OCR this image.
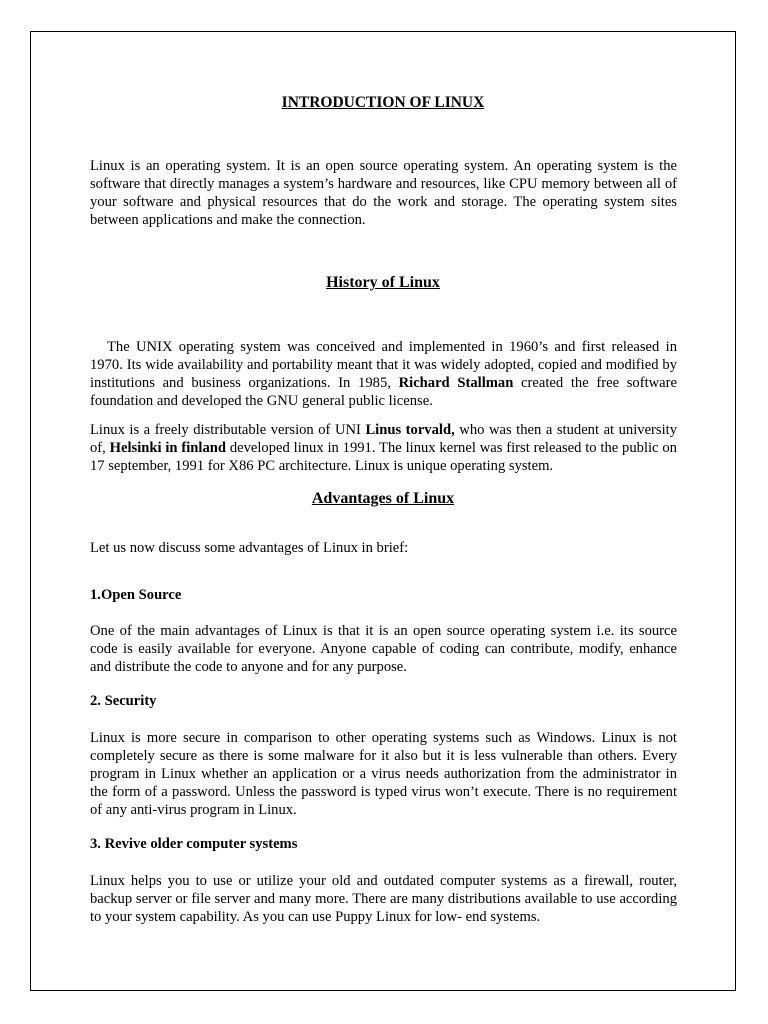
INTRODUCTION OF LINUX

Linux is an operating system. It is an open source operating system. An operating system is the software that directly manages a system’s hardware and resources, like CPU memory between all of your software and physical resources that do the work and storage. The operating system sites between applications and make the connection.

History of Linux

The UNIX operating system was conceived and implemented in 1960’s and first released in 1970. Its wide availability and portability meant that it was widely adopted, copied and modified by institutions and business organizations. In 1985, Richard Stallman created the free software foundation and developed the GNU general public license.

Linux is a freely distributable version of UNI Linus torvald, who was then a student at university of, Helsinki in finland developed linux in 1991. The linux kernel was first released to the public on 17 september, 1991 for X86 PC architecture. Linux is unique operating system.

Advantages of Linux

Let us now discuss some advantages of Linux in brief:

1.Open Source

One of the main advantages of Linux is that it is an open source operating system i.e. its source code is easily available for everyone. Anyone capable of coding can contribute, modify, enhance and distribute the code to anyone and for any purpose.

2. Security

Linux is more secure in comparison to other operating systems such as Windows. Linux is not completely secure as there is some malware for it also but it is less vulnerable than others. Every program in Linux whether an application or a virus needs authorization from the administrator in the form of a password. Unless the password is typed virus won’t execute. There is no requirement of any anti-virus program in Linux.

3. Revive older computer systems

Linux helps you to use or utilize your old and outdated computer systems as a firewall, router, backup server or file server and many more. There are many distributions available to use according to your system capability. As you can use Puppy Linux for low- end systems.
